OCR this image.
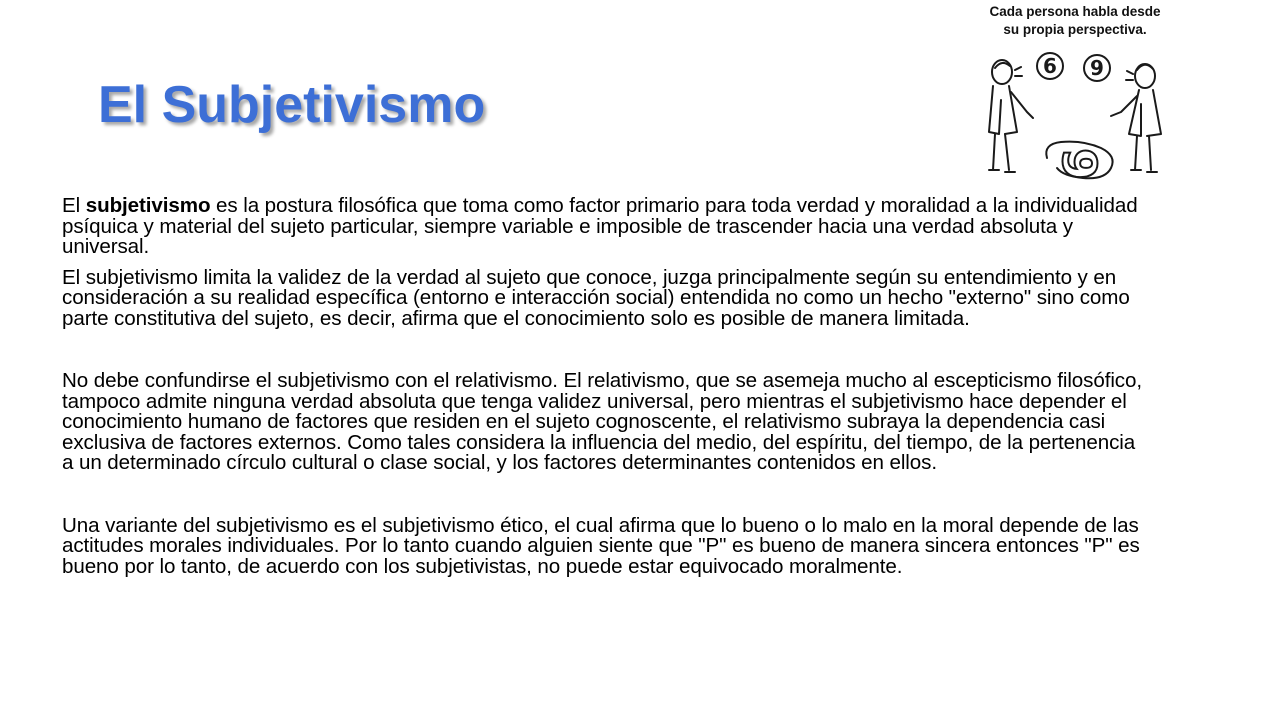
El Subjetivismo
Cada persona habla desde
su propia perspectiva.
6 9
6

El subjetivismo es la postura filosófica que toma como factor primario para toda verdad y moralidad a la individualidad psíquica y material del sujeto particular, siempre variable e imposible de trascender hacia una verdad absoluta y universal.

El subjetivismo limita la validez de la verdad al sujeto que conoce, juzga principalmente según su entendimiento y en consideración a su realidad específica (entorno e interacción social) entendida no como un hecho "externo" sino como parte constitutiva del sujeto, es decir, afirma que el conocimiento solo es posible de manera limitada.

No debe confundirse el subjetivismo con el relativismo. El relativismo, que se asemeja mucho al escepticismo filosófico, tampoco admite ninguna verdad absoluta que tenga validez universal, pero mientras el subjetivismo hace depender el conocimiento humano de factores que residen en el sujeto cognoscente, el relativismo subraya la dependencia casi exclusiva de factores externos. Como tales considera la influencia del medio, del espíritu, del tiempo, de la pertenencia a un determinado círculo cultural o clase social, y los factores determinantes contenidos en ellos.

Una variante del subjetivismo es el subjetivismo ético, el cual afirma que lo bueno o lo malo en la moral depende de las actitudes morales individuales. Por lo tanto cuando alguien siente que "P" es bueno de manera sincera entonces "P" es bueno por lo tanto, de acuerdo con los subjetivistas, no puede estar equivocado moralmente.
